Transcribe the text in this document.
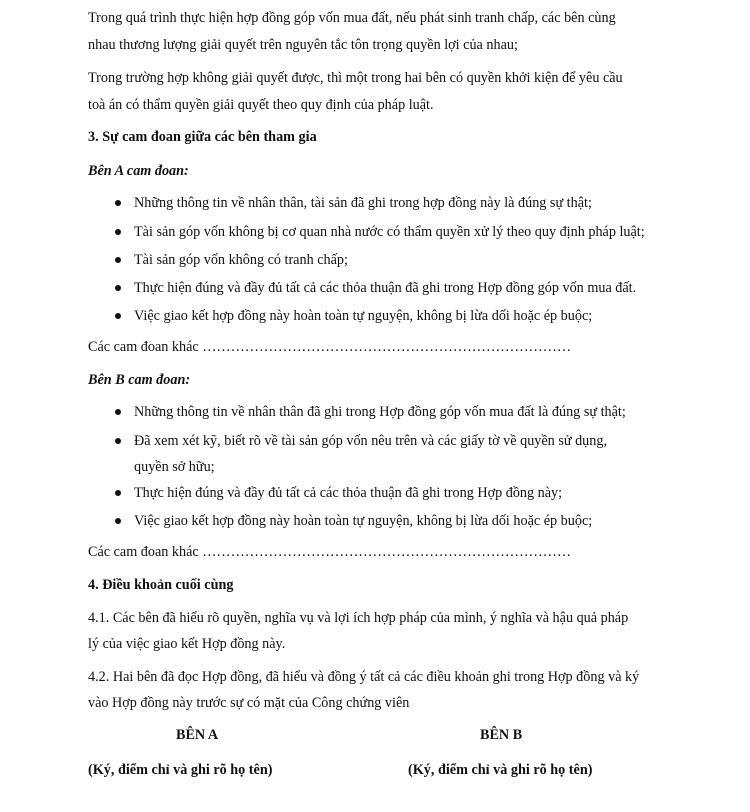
Trong quá trình thực hiện hợp đồng góp vốn mua đất, nếu phát sinh tranh chấp, các bên cùng
nhau thương lượng giải quyết trên nguyên tắc tôn trọng quyền lợi của nhau;
Trong trường hợp không giải quyết được, thì một trong hai bên có quyền khởi kiện để yêu cầu
toà án có thẩm quyền giải quyết theo quy định của pháp luật.
3. Sự cam đoan giữa các bên tham gia
Bên A cam đoan:
Những thông tin về nhân thân, tài sản đã ghi trong hợp đồng này là đúng sự thật;
Tài sản góp vốn không bị cơ quan nhà nước có thẩm quyền xử lý theo quy định pháp luật;
Tài sản góp vốn không có tranh chấp;
Thực hiện đúng và đầy đủ tất cả các thỏa thuận đã ghi trong Hợp đồng góp vốn mua đất.
Việc giao kết hợp đồng này hoàn toàn tự nguyện, không bị lừa dối hoặc ép buộc;
Các cam đoan khác ……………………………………………………………………
Bên B cam đoan:
Những thông tin về nhân thân đã ghi trong Hợp đồng góp vốn mua đất là đúng sự thật;
Đã xem xét kỹ, biết rõ về tài sản góp vốn nêu trên và các giấy tờ về quyền sử dụng,
quyền sở hữu;
Thực hiện đúng và đầy đủ tất cả các thỏa thuận đã ghi trong Hợp đồng này;
Việc giao kết hợp đồng này hoàn toàn tự nguyện, không bị lừa dối hoặc ép buộc;
Các cam đoan khác ……………………………………………………………………
4. Điều khoản cuối cùng
4.1. Các bên đã hiểu rõ quyền, nghĩa vụ và lợi ích hợp pháp của mình, ý nghĩa và hậu quả pháp
lý của việc giao kết Hợp đồng này.
4.2. Hai bên đã đọc Hợp đồng, đã hiểu và đồng ý tất cả các điều khoản ghi trong Hợp đồng và ký
vào Hợp đồng này trước sự có mặt của Công chứng viên
BÊN A	BÊN B
(Ký, điểm chỉ và ghi rõ họ tên)	(Ký, điểm chỉ và ghi rõ họ tên)
